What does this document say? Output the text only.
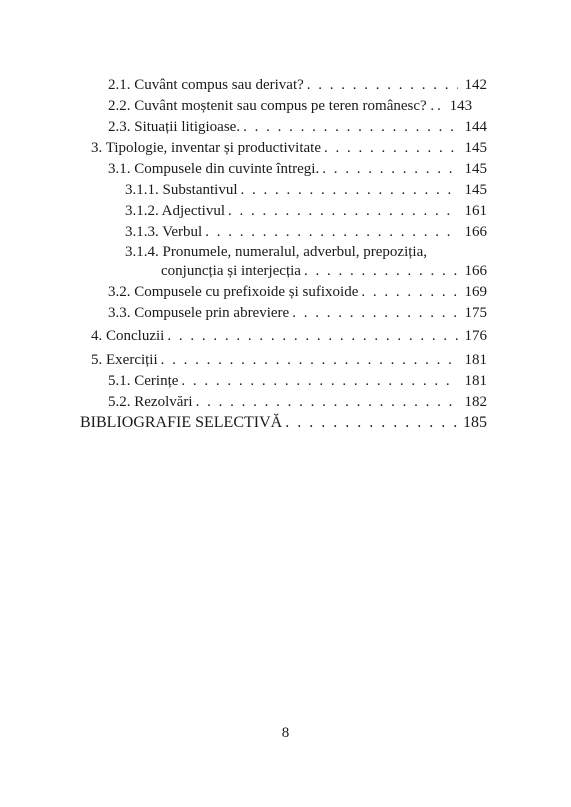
2.1. Cuvânt compus sau derivat? . . .	142
2.2. Cuvânt moștenit sau compus pe teren românesc? . . . . 143
2.3. Situații litigioase. . . .	144
3. Tipologie, inventar și productivitate . . .	145
3.1. Compusele din cuvinte întregi. . . .	145
3.1.1. Substantivul . . .	145
3.1.2. Adjectivul . . .	161
3.1.3. Verbul . . .	166
3.1.4. Pronumele, numeralul, adverbul, prepoziția,
conjuncția și interjecția . . .	166
3.2. Compusele cu prefixoide și sufixoide . . .	169
3.3. Compusele prin abreviere . . .	175
4. Concluzii . . .	176
5. Exerciții . . .	181
5.1. Cerințe . . .	181
5.2. Rezolvări . . .	182
BIBLIOGRAFIE SELECTIVĂ . . .	185
8
